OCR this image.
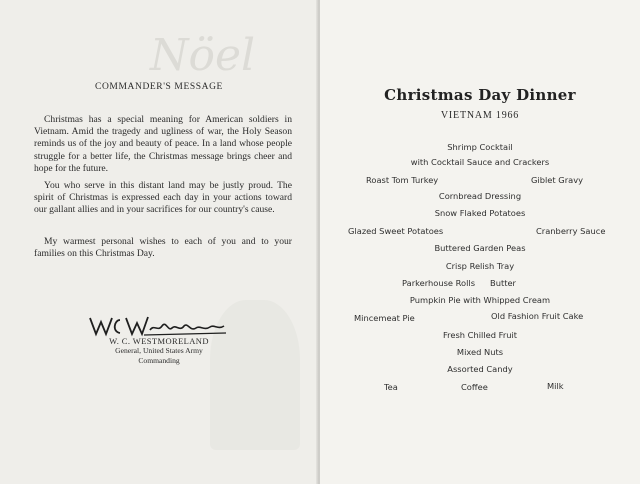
Nöel
COMMANDER'S MESSAGE

Christmas has a special meaning for American soldiers in Vietnam. Amid the tragedy and ugliness of war, the Holy Season reminds us of the joy and beauty of peace. In a land whose people struggle for a better life, the Christmas message brings cheer and hope for the future.

You who serve in this distant land may be justly proud. The spirit of Christmas is expressed each day in your actions toward our gallant allies and in your sacrifices for our country's cause.

My warmest personal wishes to each of you and to your families on this Christmas Day.

W. C. WESTMORELAND
General, United States Army
Commanding
Christmas Day Dinner
VIETNAM 1966
Shrimp Cocktail
with Cocktail Sauce and Crackers
Roast Tom Turkey	Giblet Gravy
Cornbread Dressing
Snow Flaked Potatoes
Glazed Sweet Potatoes	Cranberry Sauce
Buttered Garden Peas
Crisp Relish Tray
Parkerhouse Rolls Butter
Pumpkin Pie with Whipped Cream
Mincemeat Pie	Old Fashion Fruit Cake
Fresh Chilled Fruit
Mixed Nuts
Assorted Candy
Tea	Coffee	Milk
